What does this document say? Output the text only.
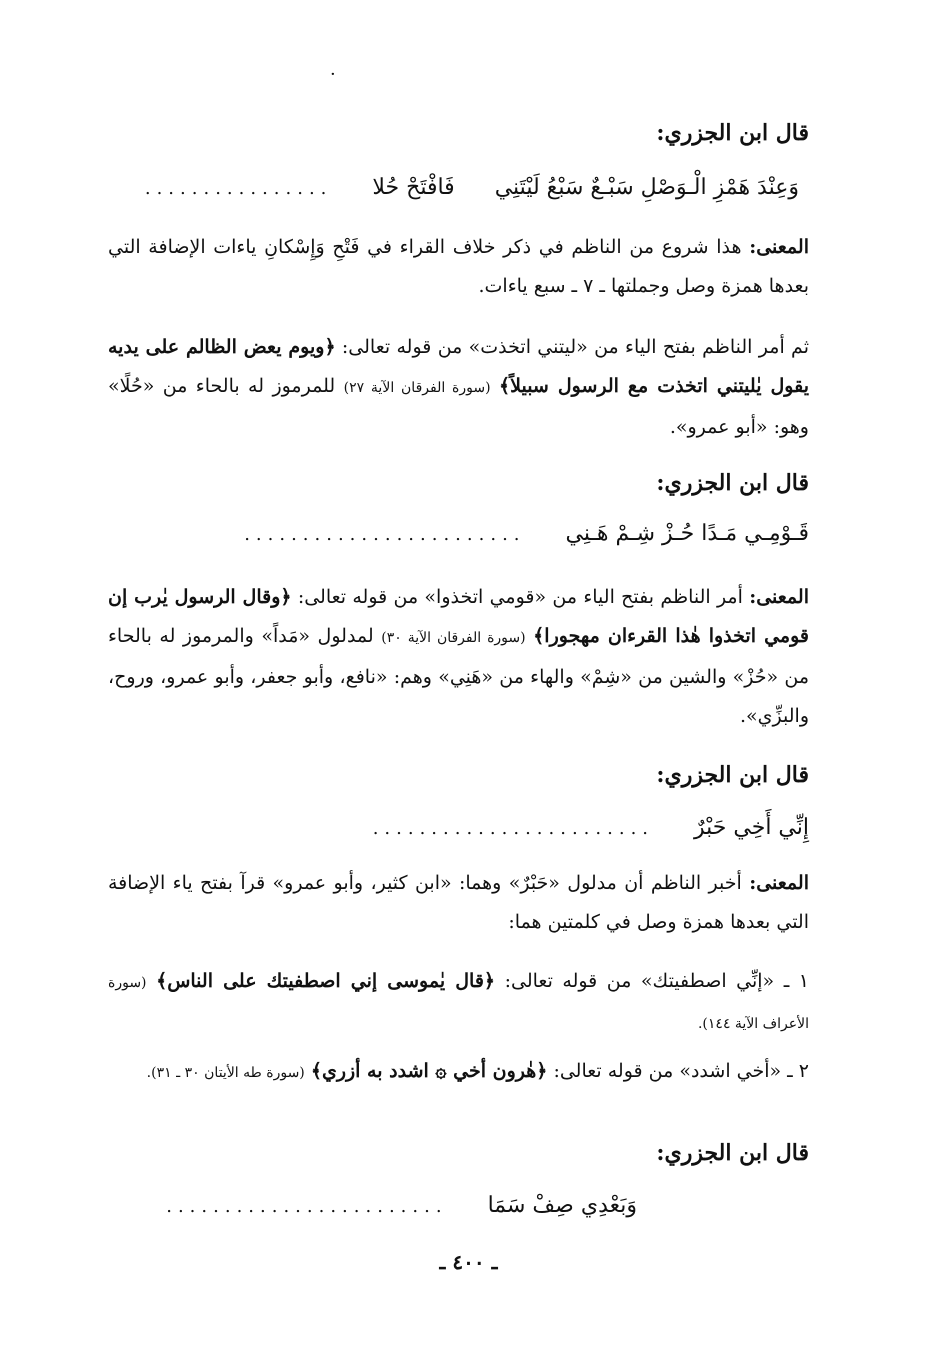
·
قال ابن الجزري:
وَعِنْدَ هَمْزِ الْـوَصْلِ سَبْـعٌ سَبْعُ لَيْتَنِي
فَافْتَحْ حُلا
................
المعنى: هذا شروع من الناظم في ذكر خلاف القراء في فَتْحِ وَإِسْكانِ ياءات الإضافة التي بعدها همزة وصل وجملتها ـ ٧ ـ سبع ياءات.
ثم أمر الناظم بفتح الياء من «ليتني اتخذت» من قوله تعالى: ﴿ويوم يعض الظالم على يديه يقول يٰليتني اتخذت مع الرسول سبيلاً﴾ (سورة الفرقان الآية ٢٧) للمرموز له بالحاء من «حُلًا» وهو: «أبو عمرو».
قال ابن الجزري:
قَـوْمِـي مَـدًا حُـزْ شِـمْ هَـنِي
........................
المعنى: أمر الناظم بفتح الياء من «قومي اتخذوا» من قوله تعالى: ﴿وقال الرسول يٰرب إن قومي اتخذوا هٰذا القرءان مهجورا﴾ (سورة الفرقان الآية ٣٠) لمدلول «مَداً» والمرموز له بالحاء من «حُزْ» والشين من «شِمْ» والهاء من «هَنِي» وهم: «نافع، وأبو جعفر، وأبو عمرو، وروح، والبزِّي».
قال ابن الجزري:
إِنِّي أَخِي حَبْرٌ
........................
المعنى: أخبر الناظم أن مدلول «حَبْرٌ» وهما: «ابن كثير، وأبو عمرو» قرآ بفتح ياء الإضافة التي بعدها همزة وصل في كلمتين هما:
١ ـ «إنِّي اصطفيتك» من قوله تعالى: ﴿قال يٰموسى إني اصطفيتك على الناس﴾ (سورة الأعراف الآية ١٤٤).
٢ ـ «أخي اشدد» من قوله تعالى: ﴿هٰرون أخي ۞ اشدد به أزري﴾ (سورة طه الأيتان ٣٠ ـ ٣١).
قال ابن الجزري:
وَبَعْدِي صِفْ سَمَا
........................
ـ ٤٠٠ ـ
